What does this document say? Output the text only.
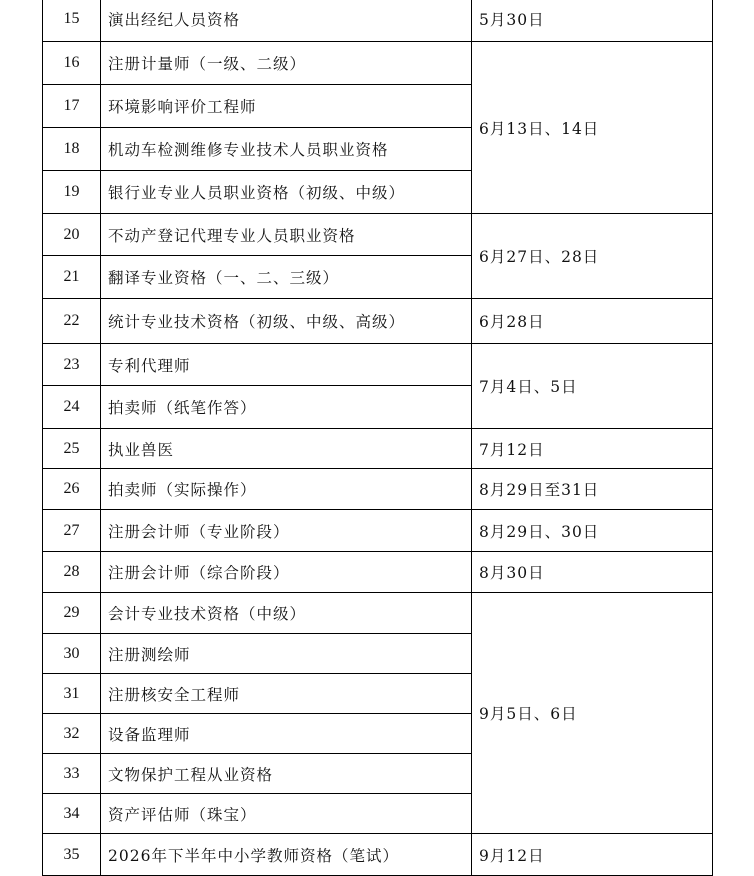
15	演出经纪人员资格	5月30日
16	注册计量师（一级、二级）	6月13日、14日
17	环境影响评价工程师	
18	机动车检测维修专业技术人员职业资格	
19	银行业专业人员职业资格（初级、中级）	
20	不动产登记代理专业人员职业资格	6月27日、28日
21	翻译专业资格（一、二、三级）	
22	统计专业技术资格（初级、中级、高级）	6月28日
23	专利代理师	7月4日、5日
24	拍卖师（纸笔作答）	
25	执业兽医	7月12日
26	拍卖师（实际操作）	8月29日至31日
27	注册会计师（专业阶段）	8月29日、30日
28	注册会计师（综合阶段）	8月30日
29	会计专业技术资格（中级）	9月5日、6日
30	注册测绘师	
31	注册核安全工程师	
32	设备监理师	
33	文物保护工程从业资格	
34	资产评估师（珠宝）	
35	2026年下半年中小学教师资格（笔试）	9月12日
